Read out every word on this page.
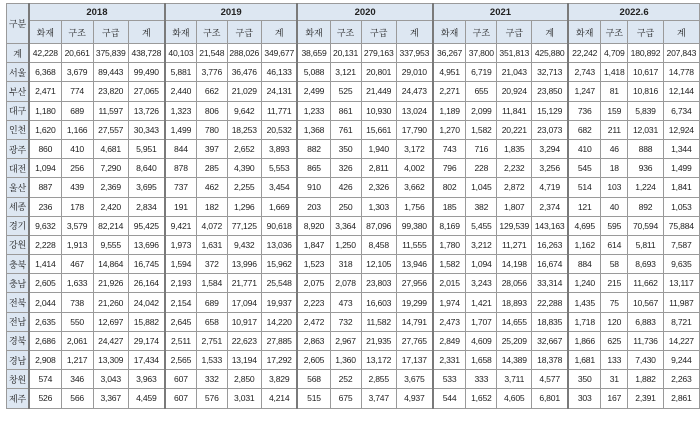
구분	2018				2019				2020				2021				2022.6			
	화재	구조	구급	계	화재	구조	구급	계	화재	구조	구급	계	화재	구조	구급	계	화재	구조	구급	계
계	42,228	20,661	375,839	438,728	40,103	21,548	288,026	349,677	38,659	20,131	279,163	337,953	36,267	37,800	351,813	425,880	22,242	4,709	180,892	207,843
서울	6,368	3,679	89,443	99,490	5,881	3,776	36,476	46,133	5,088	3,121	20,801	29,010	4,951	6,719	21,043	32,713	2,743	1,418	10,617	14,778
부산	2,471	774	23,820	27,065	2,440	662	21,029	24,131	2,499	525	21,449	24,473	2,271	655	20,924	23,850	1,247	81	10,816	12,144
대구	1,180	689	11,597	13,726	1,323	806	9,642	11,771	1,233	861	10,930	13,024	1,189	2,099	11,841	15,129	736	159	5,839	6,734
인천	1,620	1,166	27,557	30,343	1,499	780	18,253	20,532	1,368	761	15,661	17,790	1,270	1,582	20,221	23,073	682	211	12,031	12,924
광주	860	410	4,681	5,951	844	397	2,652	3,893	882	350	1,940	3,172	743	716	1,835	3,294	410	46	888	1,344
대전	1,094	256	7,290	8,640	878	285	4,390	5,553	865	326	2,811	4,002	796	228	2,232	3,256	545	18	936	1,499
울산	887	439	2,369	3,695	737	462	2,255	3,454	910	426	2,326	3,662	802	1,045	2,872	4,719	514	103	1,224	1,841
세종	236	178	2,420	2,834	191	182	1,296	1,669	203	250	1,303	1,756	185	382	1,807	2,374	121	40	892	1,053
경기	9,632	3,579	82,214	95,425	9,421	4,072	77,125	90,618	8,920	3,364	87,096	99,380	8,169	5,455	129,539	143,163	4,695	595	70,594	75,884
강원	2,228	1,913	9,555	13,696	1,973	1,631	9,432	13,036	1,847	1,250	8,458	11,555	1,780	3,212	11,271	16,263	1,162	614	5,811	7,587
충북	1,414	467	14,864	16,745	1,594	372	13,996	15,962	1,523	318	12,105	13,946	1,582	1,094	14,198	16,674	884	58	8,693	9,635
충남	2,605	1,633	21,926	26,164	2,193	1,584	21,771	25,548	2,075	2,078	23,803	27,956	2,015	3,243	28,056	33,314	1,240	215	11,662	13,117
전북	2,044	738	21,260	24,042	2,154	689	17,094	19,937	2,223	473	16,603	19,299	1,974	1,421	18,893	22,288	1,435	75	10,567	11,987
전남	2,635	550	12,697	15,882	2,645	658	10,917	14,220	2,472	732	11,582	14,791	2,473	1,707	14,655	18,835	1,718	120	6,883	8,721
경북	2,686	2,061	24,427	29,174	2,511	2,751	22,623	27,885	2,863	2,967	21,935	27,765	2,849	4,609	25,209	32,667	1,866	625	11,736	14,227
경남	2,908	1,217	13,309	17,434	2,565	1,533	13,194	17,292	2,605	1,360	13,172	17,137	2,331	1,658	14,389	18,378	1,681	133	7,430	9,244
창원	574	346	3,043	3,963	607	332	2,850	3,829	568	252	2,855	3,675	533	333	3,711	4,577	350	31	1,882	2,263
제주	526	566	3,367	4,459	607	576	3,031	4,214	515	675	3,747	4,937	544	1,652	4,605	6,801	303	167	2,391	2,861
